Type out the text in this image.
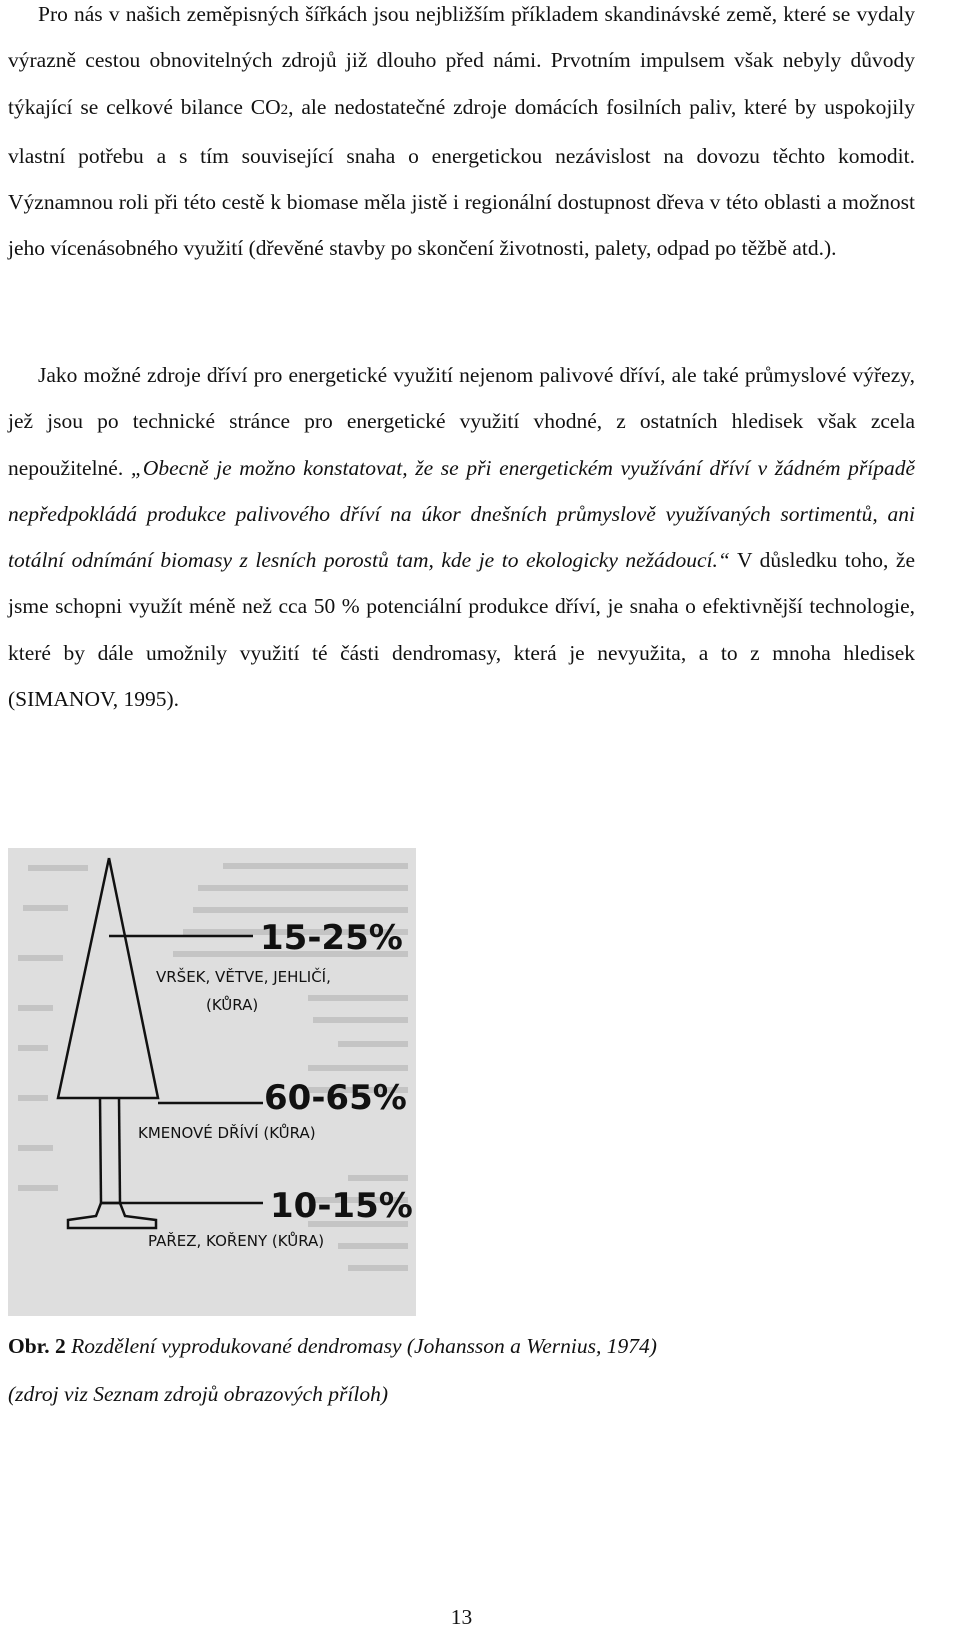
Pro nás v našich zeměpisných šířkách jsou nejbližším příkladem skandinávské země, které se vydaly výrazně cestou obnovitelných zdrojů již dlouho před námi. Prvotním impulsem však nebyly důvody týkající se celkové bilance CO2, ale nedostatečné zdroje domácích fosilních paliv, které by uspokojily vlastní potřebu a s tím související snaha o energetickou nezávislost na dovozu těchto komodit. Významnou roli při této cestě k biomase měla jistě i regionální dostupnost dřeva v této oblasti a možnost jeho vícenásobného využití (dřevěné stavby po skončení životnosti, palety, odpad po těžbě atd.).
Jako možné zdroje dříví pro energetické využití nejenom palivové dříví, ale také průmyslové výřezy, jež jsou po technické stránce pro energetické využití vhodné, z ostatních hledisek však zcela nepoužitelné. „Obecně je možno konstatovat, že se při energetickém využívání dříví v žádném případě nepředpokládá produkce palivového dříví na úkor dnešních průmyslově využívaných sortimentů, ani totální odnímání biomasy z lesních porostů tam, kde je to ekologicky nežádoucí.“ V důsledku toho, že jsme schopni využít méně než cca 50 % potenciální produkce dříví, je snaha o efektivnější technologie, které by dále umožnily využití té části dendromasy, která je nevyužita, a to z mnoha hledisek (SIMANOV, 1995).
15-25%
VRŠEK, VĚTVE, JEHLIČÍ,
(KŮRA)
60-65%
KMENOVÉ DŘÍVÍ (KŮRA)
10-15%
PAŘEZ, KOŘENY (KŮRA)
Obr. 2 Rozdělení vyprodukované dendromasy (Johansson a Wernius, 1974)
(zdroj viz Seznam zdrojů obrazových příloh)
13
